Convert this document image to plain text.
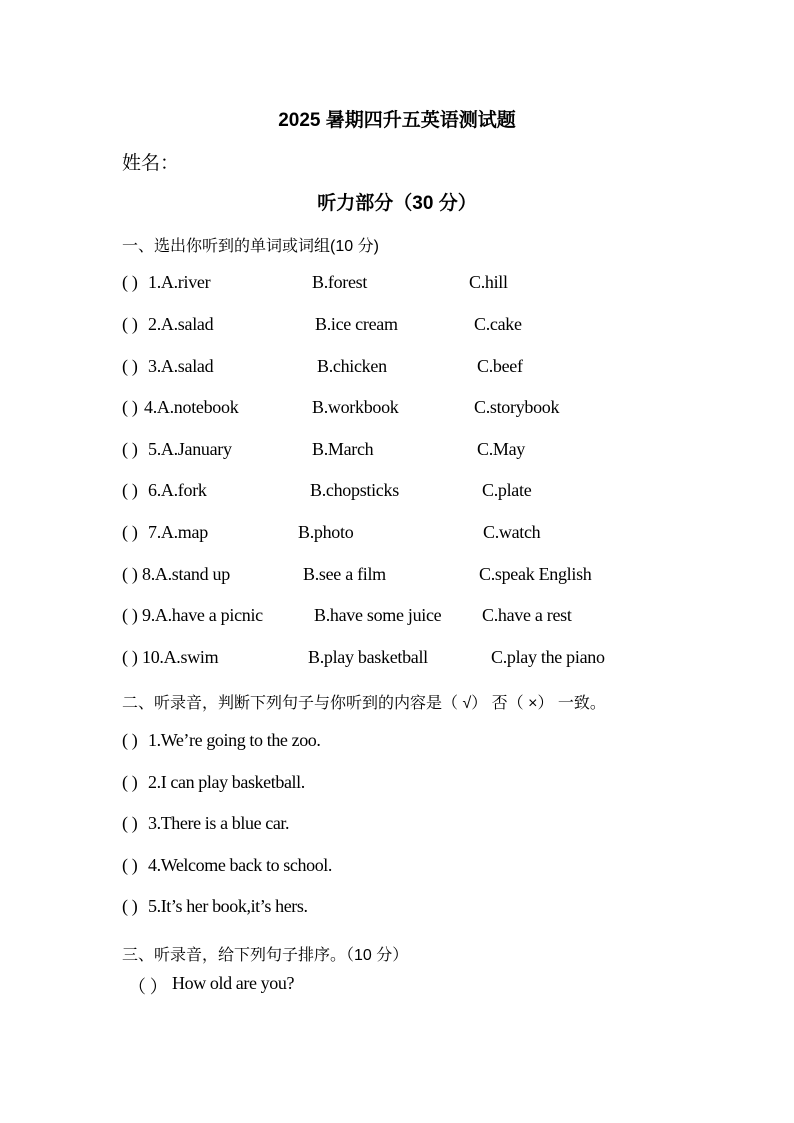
2025 暑期四升五英语测试题
姓名：
听力部分（30 分）
一、选出你听到的单词或词组(10 分)
( ) 1.A.river	B.forest	C.hill
( ) 2.A.salad	B.ice cream	C.cake
( ) 3.A.salad	B.chicken	C.beef
( ) 4.A.notebook	B.workbook	C.storybook
( ) 5.A.January	B.March	C.May
( ) 6.A.fork	B.chopsticks	C.plate
( ) 7.A.map	B.photo	C.watch
( ) 8.A.stand up	B.see a film	C.speak English
( ) 9.A.have a picnic	B.have some juice C.have a rest
( ) 10.A.swim	B.play basketball	C.play the piano
二、听录音，判断下列句子与你听到的内容是（ √） 否（ ×） 一致。
( ) 1.We’re going to the zoo.
( ) 2.I can play basketball.
( ) 3.There is a blue car.
( ) 4.Welcome back to school.
( ) 5.It’s her book,it’s hers.
三、听录音，给下列句子排序。（10 分）
（ ） How old are you?
